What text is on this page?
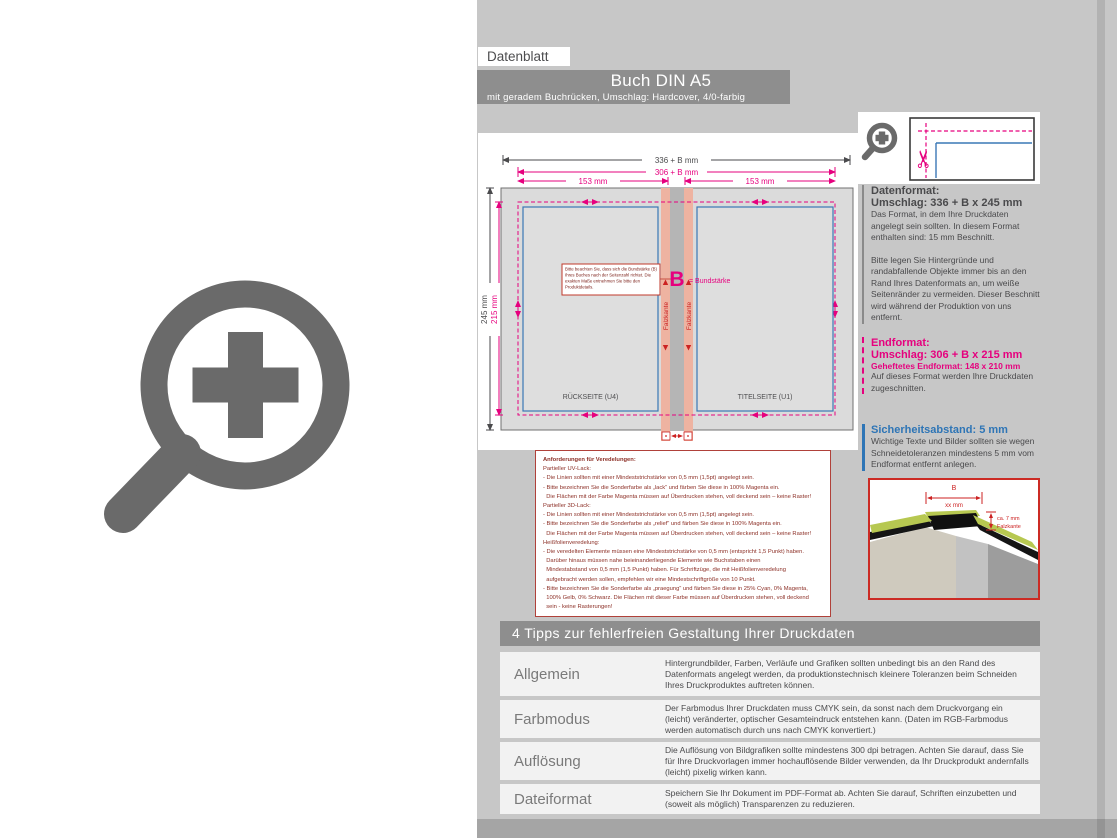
Datenblatt
Buch DIN A5
mit geradem Buchrücken, Umschlag: Hardcover, 4/0-farbig
336 + B mm
306 + B mm
153 mm	153 mm
245 mm 215 mm	Falzkante Falzkante
Bitte beachten Sie, dass sich die Bundstärke (B)
Ihres Buches nach der Seitenzahl richtet. Die
exakten Maße entnehmen Sie bitte den
Produktdetails.	B = Bundstärke
RÜCKSEITE (U4)	TITELSEITE (U1)
Anforderungen für Veredelungen:
Partieller UV-Lack:
- Die Linien sollten mit einer Mindeststrichstärke von 0,5 mm (1,5pt) angelegt sein.
- Bitte bezeichnen Sie die Sonderfarbe als „lack“ und färben Sie diese in 100% Magenta ein.
Die Flächen mit der Farbe Magenta müssen auf Überdrucken stehen, voll deckend sein – keine Raster!
Partieller 3D-Lack:
- Die Linien sollten mit einer Mindeststrichstärke von 0,5 mm (1,5pt) angelegt sein.
- Bitte bezeichnen Sie die Sonderfarbe als „relief“ und färben Sie diese in 100% Magenta ein.
Die Flächen mit der Farbe Magenta müssen auf Überdrucken stehen, voll deckend sein – keine Raster!
Heißfolienveredelung:
- Die veredelten Elemente müssen eine Mindeststrichstärke von 0,5 mm (entspricht 1,5 Punkt) haben.
Darüber hinaus müssen nahe beieinanderliegende Elemente wie Buchstaben einen
Mindestabstand von 0,5 mm (1,5 Punkt) haben. Für Schriftzüge, die mit Heißfolienveredelung
aufgebracht werden sollen, empfehlen wir eine Mindestschriftgröße von 10 Punkt.
- Bitte bezeichnen Sie die Sonderfarbe als „praegung“ und färben Sie diese in 25% Cyan, 0% Magenta,
100% Gelb, 0% Schwarz. Die Flächen mit dieser Farbe müssen auf Überdrucken stehen, voll deckend
sein - keine Rasterungen!
✂
Datenformat:
Umschlag: 336 + B x 245 mm

Das Format, in dem Ihre Druckdaten angelegt sein sollten. In diesem Format enthalten sind: 15 mm Beschnitt.

Bitte legen Sie Hintergründe und randabfallende Objekte immer bis an den Rand Ihres Datenformats an, um weiße Seitenränder zu vermeiden. Dieser Beschnitt wird während der Produktion von uns entfernt.

Endformat:
Umschlag: 306 + B x 215 mm
Geheftetes Endformat: 148 x 210 mm

Auf dieses Format werden Ihre Druckdaten zugeschnitten.

Sicherheitsabstand: 5 mm

Wichtige Texte und Bilder sollten sie wegen Schneidetoleranzen mindestens 5 mm vom Endformat entfernt anlegen.

B
xx mm
ca. 7 mm
Falzkante
4 Tipps zur fehlerfreien Gestaltung Ihrer Druckdaten
Allgemein
Hintergrundbilder, Farben, Verläufe und Grafiken sollten unbedingt bis an den Rand des Datenformats angelegt werden, da produktionstechnisch kleinere Toleranzen beim Schneiden Ihres Druckproduktes auftreten können.
Farbmodus
Der Farbmodus Ihrer Druckdaten muss CMYK sein, da sonst nach dem Druckvorgang ein (leicht) veränderter, optischer Gesamteindruck entstehen kann. (Daten im RGB-Farbmodus werden automatisch durch uns nach CMYK konvertiert.)
Auflösung
Die Auflösung von Bildgrafiken sollte mindestens 300 dpi betragen. Achten Sie darauf, dass Sie für Ihre Druckvorlagen immer hochauflösende Bilder verwenden, da Ihr Druckprodukt andernfalls (leicht) pixelig wirken kann.
Dateiformat	Speichern Sie Ihr Dokument im PDF-Format ab. Achten Sie darauf, Schriften einzubetten und (soweit als möglich) Transparenzen zu reduzieren.
